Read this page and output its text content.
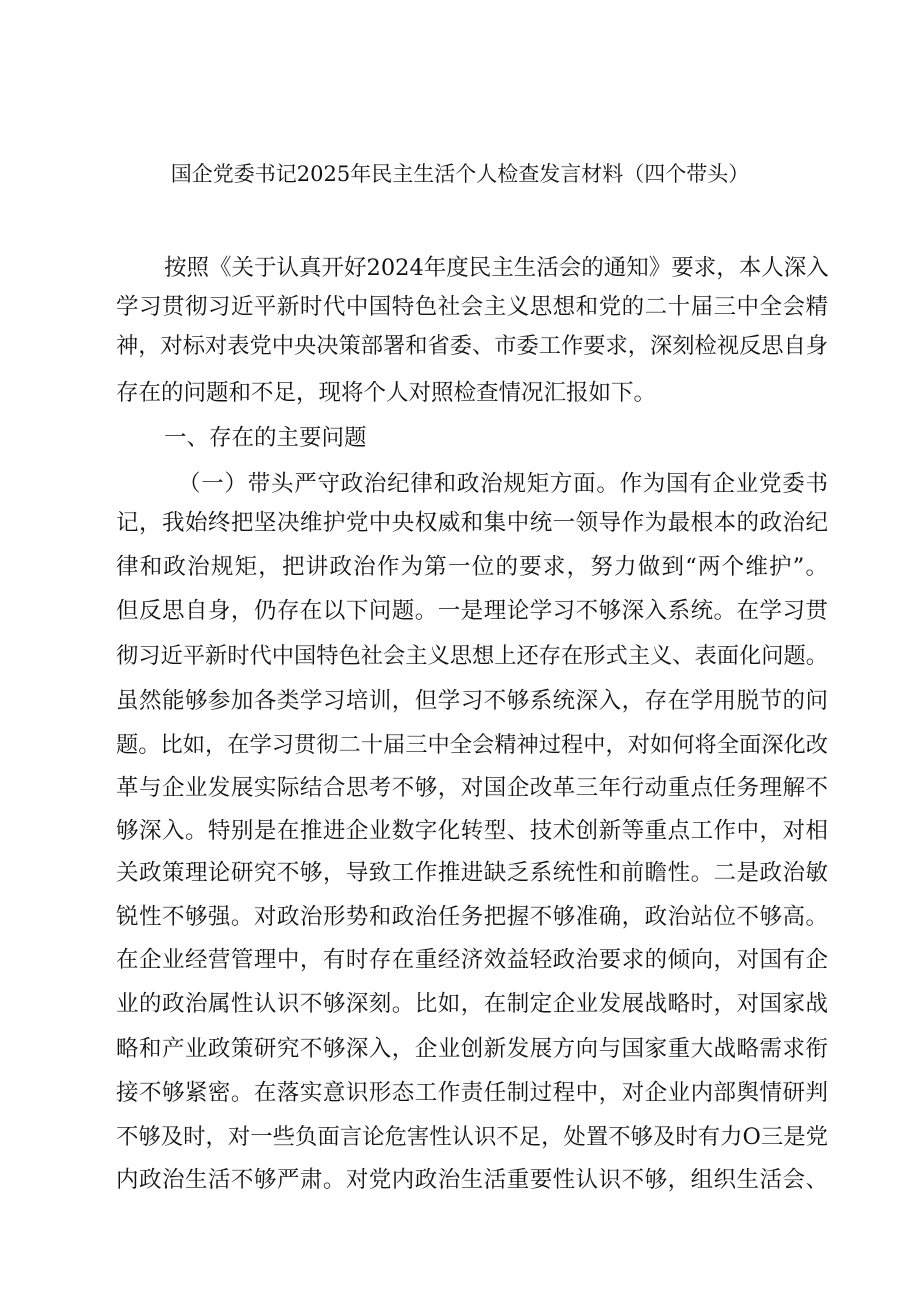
国企党委书记2025年民主生活个人检查发言材料（四个带头）
按照《关于认真开好2024年度民主生活会的通知》要求，本人深入
学习贯彻习近平新时代中国特色社会主义思想和党的二十届三中全会精
神，对标对表党中央决策部署和省委、市委工作要求，深刻检视反思自身
存在的问题和不足，现将个人对照检查情况汇报如下。
一、存在的主要问题
（一）带头严守政治纪律和政治规矩方面。作为国有企业党委书
记，我始终把坚决维护党中央权威和集中统一领导作为最根本的政治纪
律和政治规矩，把讲政治作为第一位的要求，努力做到“两个维护”。
但反思自身，仍存在以下问题。一是理论学习不够深入系统。在学习贯
彻习近平新时代中国特色社会主义思想上还存在形式主义、表面化问题。
虽然能够参加各类学习培训，但学习不够系统深入，存在学用脱节的问
题。比如，在学习贯彻二十届三中全会精神过程中，对如何将全面深化改
革与企业发展实际结合思考不够，对国企改革三年行动重点任务理解不
够深入。特别是在推进企业数字化转型、技术创新等重点工作中，对相
关政策理论研究不够，导致工作推进缺乏系统性和前瞻性。二是政治敏
锐性不够强。对政治形势和政治任务把握不够准确，政治站位不够高。
在企业经营管理中，有时存在重经济效益轻政治要求的倾向，对国有企
业的政治属性认识不够深刻。比如，在制定企业发展战略时，对国家战
略和产业政策研究不够深入，企业创新发展方向与国家重大战略需求衔
接不够紧密。在落实意识形态工作责任制过程中，对企业内部舆情研判
不够及时，对一些负面言论危害性认识不足，处置不够及时有力O三是党
内政治生活不够严肃。对党内政治生活重要性认识不够，组织生活会、
